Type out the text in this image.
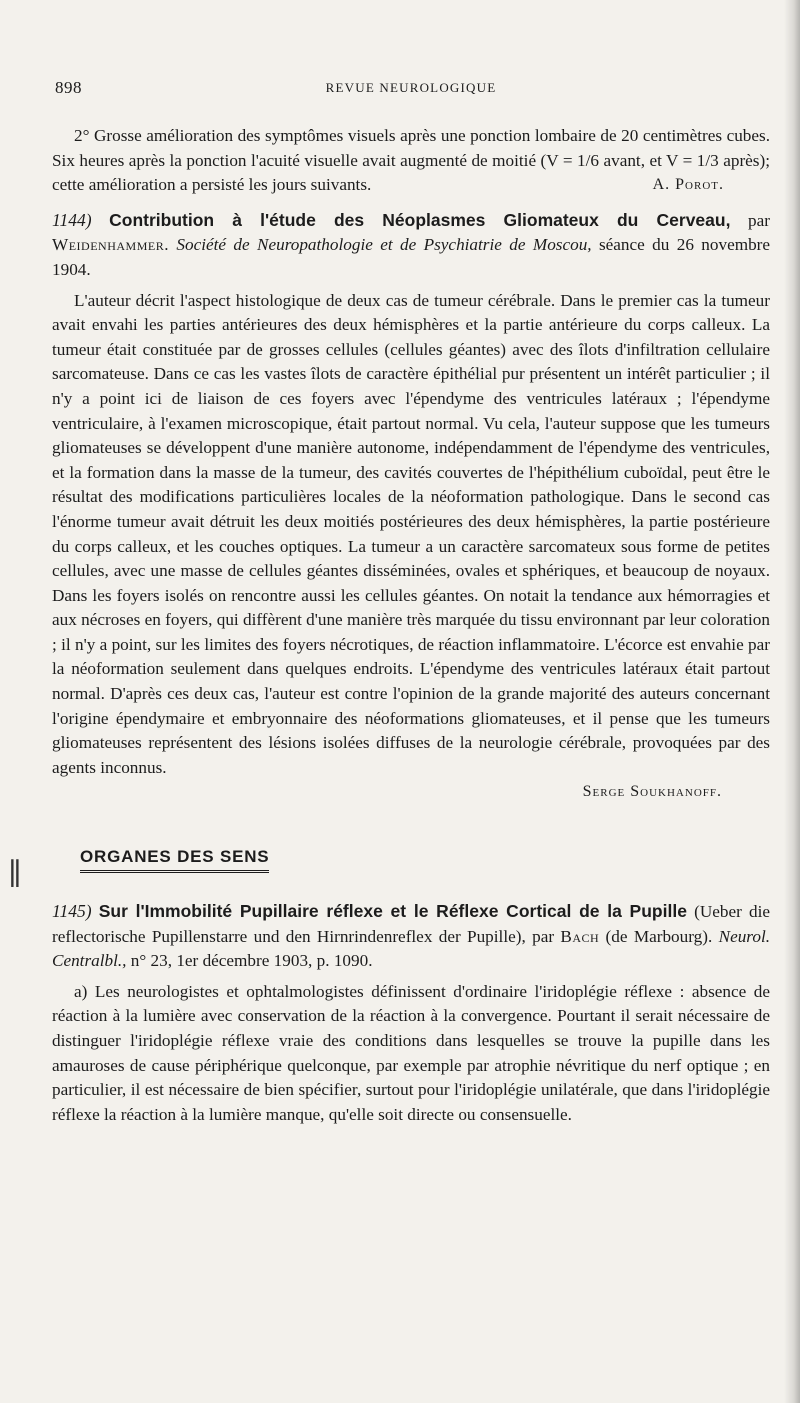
∥
898	REVUE NEUROLOGIQUE

2° Grosse amélioration des symptômes visuels après une ponction lombaire de 20 centimètres cubes. Six heures après la ponction l'acuité visuelle avait augmenté de moitié (V = 1/6 avant, et V = 1/3 après); cette amélioration a persisté les jours suivants.	A. Porot.

1144) Contribution à l'étude des Néoplasmes Gliomateux du Cerveau, par Weidenhammer. Société de Neuropathologie et de Psychiatrie de Moscou, séance du 26 novembre 1904.

L'auteur décrit l'aspect histologique de deux cas de tumeur cérébrale. Dans le premier cas la tumeur avait envahi les parties antérieures des deux hémisphères et la partie antérieure du corps calleux. La tumeur était constituée par de grosses cellules (cellules géantes) avec des îlots d'infiltration cellulaire sarcomateuse. Dans ce cas les vastes îlots de caractère épithélial pur présentent un intérêt particulier ; il n'y a point ici de liaison de ces foyers avec l'épendyme des ventricules latéraux ; l'épendyme ventriculaire, à l'examen microscopique, était partout normal. Vu cela, l'auteur suppose que les tumeurs gliomateuses se développent d'une manière autonome, indépendamment de l'épendyme des ventricules, et la formation dans la masse de la tumeur, des cavités couvertes de l'hépithélium cuboïdal, peut être le résultat des modifications particulières locales de la néoformation pathologique. Dans le second cas l'énorme tumeur avait détruit les deux moitiés postérieures des deux hémisphères, la partie postérieure du corps calleux, et les couches optiques. La tumeur a un caractère sarcomateux sous forme de petites cellules, avec une masse de cellules géantes disséminées, ovales et sphériques, et beaucoup de noyaux. Dans les foyers isolés on rencontre aussi les cellules géantes. On notait la tendance aux hémorragies et aux nécroses en foyers, qui diffèrent d'une manière très marquée du tissu environnant par leur coloration ; il n'y a point, sur les limites des foyers nécrotiques, de réaction inflammatoire. L'écorce est envahie par la néoformation seulement dans quelques endroits. L'épendyme des ventricules latéraux était partout normal. D'après ces deux cas, l'auteur est contre l'opinion de la grande majorité des auteurs concernant l'origine épendymaire et embryonnaire des néoformations gliomateuses, et il pense que les tumeurs gliomateuses représentent des lésions isolées diffuses de la neurologie cérébrale, provoquées par des agents inconnus.

Serge Soukhanoff.

ORGANES DES SENS

1145) Sur l'Immobilité Pupillaire réflexe et le Réflexe Cortical de la Pupille (Ueber die reflectorische Pupillenstarre und den Hirnrindenreflex der Pupille), par Bach (de Marbourg). Neurol. Centralbl., n° 23, 1er décembre 1903, p. 1090.

a) Les neurologistes et ophtalmologistes définissent d'ordinaire l'iridoplégie réflexe : absence de réaction à la lumière avec conservation de la réaction à la convergence. Pourtant il serait nécessaire de distinguer l'iridoplégie réflexe vraie des conditions dans lesquelles se trouve la pupille dans les amauroses de cause périphérique quelconque, par exemple par atrophie névritique du nerf optique ; en particulier, il est nécessaire de bien spécifier, surtout pour l'iridoplégie unilatérale, que dans l'iridoplégie réflexe la réaction à la lumière manque, qu'elle soit directe ou consensuelle.
